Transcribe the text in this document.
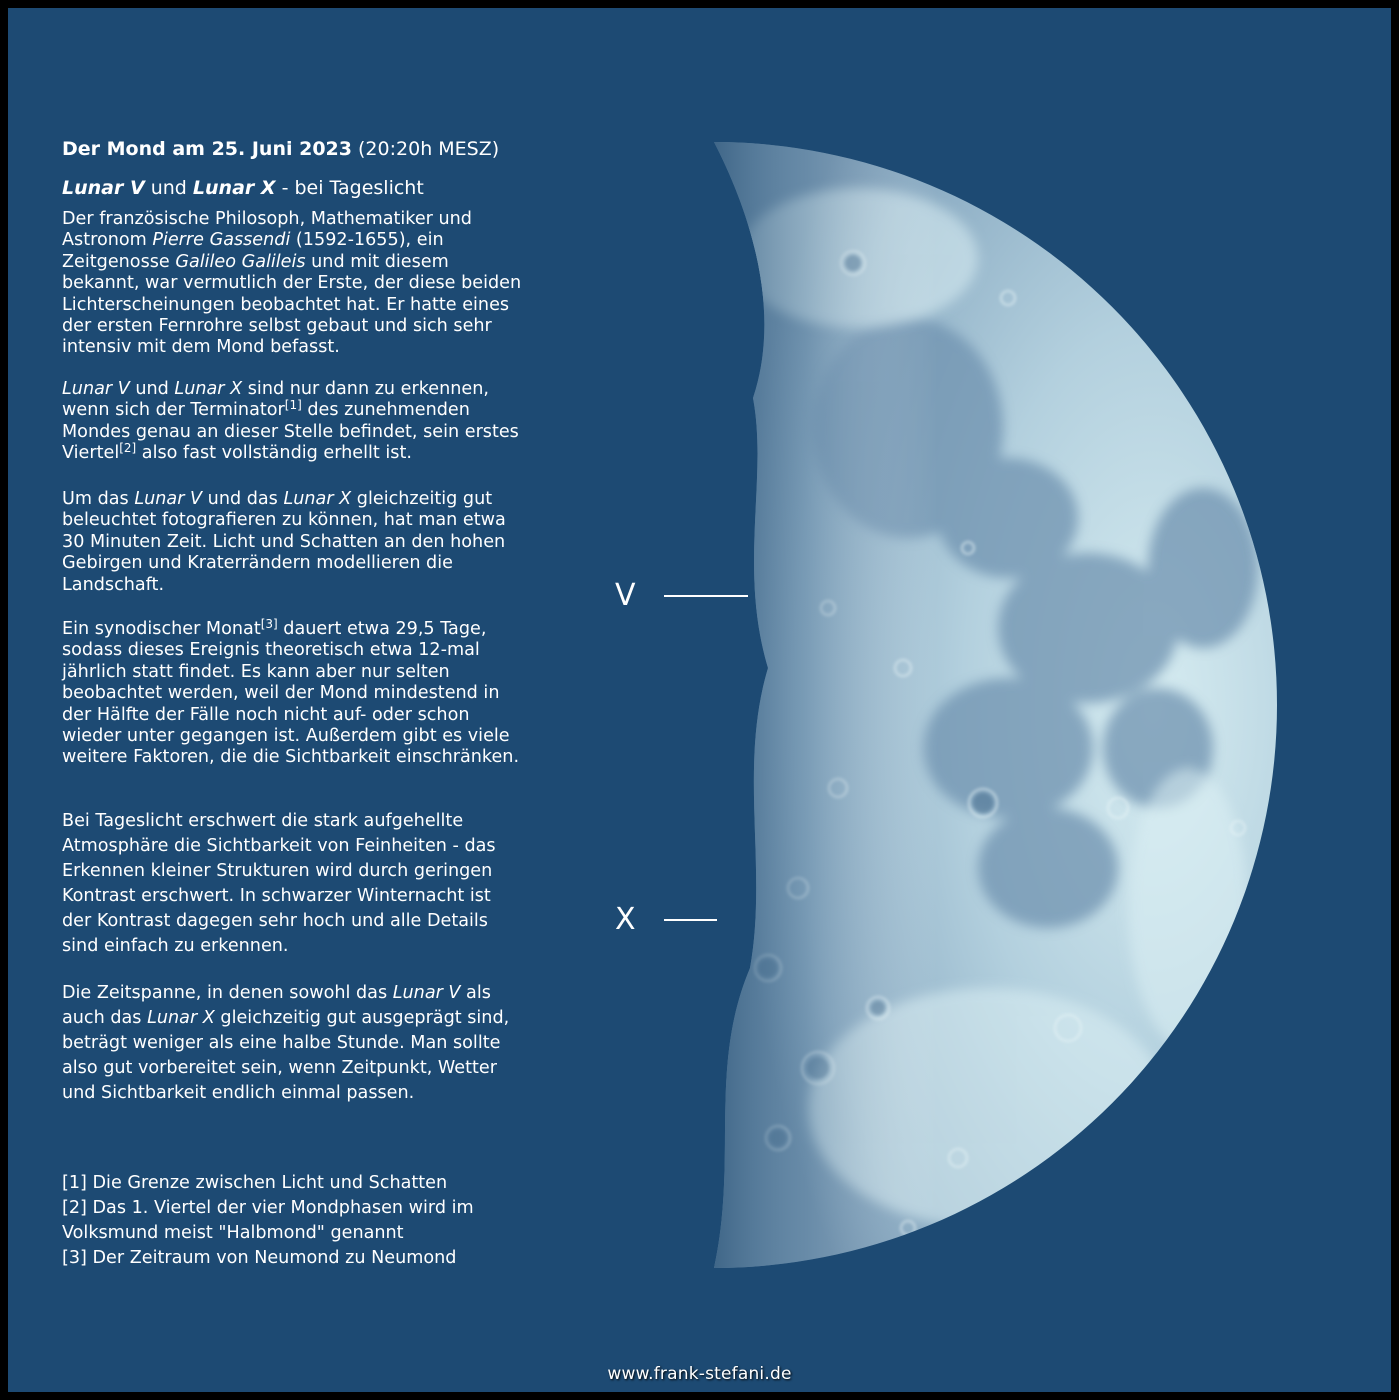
Der Mond am 25. Juni 2023 (20:20h MESZ)
Lunar V und Lunar X - bei Tageslicht
Der französische Philosoph, Mathematiker und Astronom Pierre Gassendi (1592-1655), ein Zeitgenosse Galileo Galileis und mit diesem bekannt, war vermutlich der Erste, der diese beiden Lichterscheinungen beobachtet hat. Er hatte eines der ersten Fernrohre selbst gebaut und sich sehr intensiv mit dem Mond befasst.
Lunar V und Lunar X sind nur dann zu erkennen, wenn sich der Terminator[1] des zunehmenden Mondes genau an dieser Stelle befindet, sein erstes Viertel[2] also fast vollständig erhellt ist.
Um das Lunar V und das Lunar X gleichzeitig gut beleuchtet fotografieren zu können, hat man etwa 30 Minuten Zeit. Licht und Schatten an den hohen Gebirgen und Kraterrändern modellieren die Landschaft.
Ein synodischer Monat[3] dauert etwa 29,5 Tage, sodass dieses Ereignis theoretisch etwa 12-mal jährlich statt findet. Es kann aber nur selten beobachtet werden, weil der Mond mindestend in der Hälfte der Fälle noch nicht auf- oder schon wieder unter gegangen ist. Außerdem gibt es viele weitere Faktoren, die die Sichtbarkeit einschränken.
Bei Tageslicht erschwert die stark aufgehellte Atmosphäre die Sichtbarkeit von Feinheiten - das Erkennen kleiner Strukturen wird durch geringen Kontrast erschwert. In schwarzer Winternacht ist der Kontrast dagegen sehr hoch und alle Details sind einfach zu erkennen.
Die Zeitspanne, in denen sowohl das Lunar V als auch das Lunar X gleichzeitig gut ausgeprägt sind, beträgt weniger als eine halbe Stunde. Man sollte also gut vorbereitet sein, wenn Zeitpunkt, Wetter und Sichtbarkeit endlich einmal passen.
[1] Die Grenze zwischen Licht und Schatten
[2] Das 1. Viertel der vier Mondphasen wird im Volksmund meist "Halbmond" genannt
[3] Der Zeitraum von Neumond zu Neumond
V
X
www.frank-stefani.de
